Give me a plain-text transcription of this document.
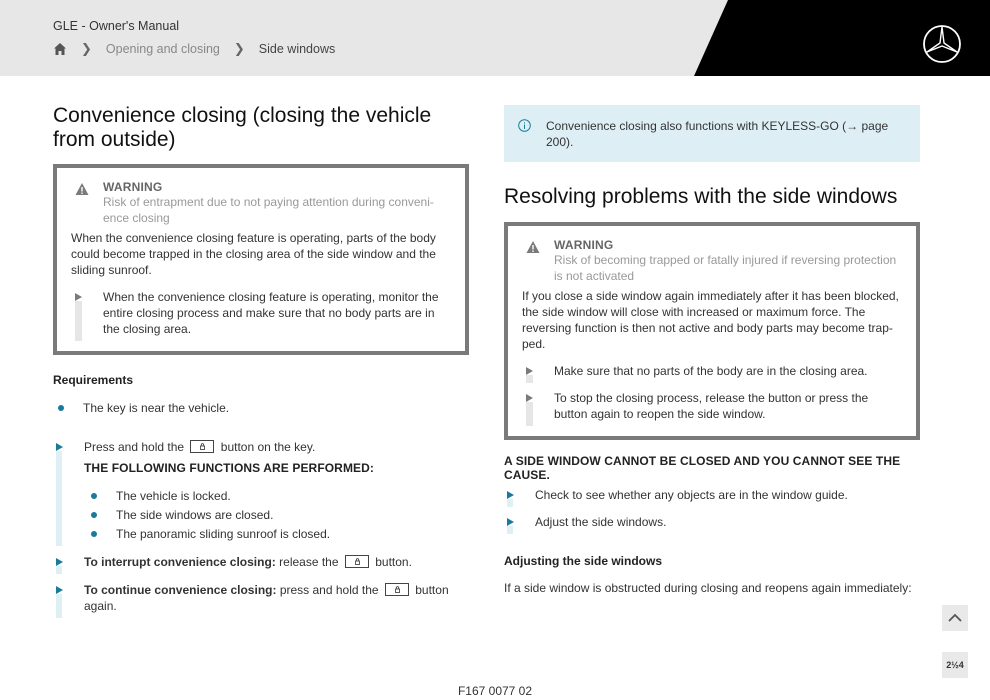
GLE - Owner's Manual
❯ Opening and closing ❯ Side windows
Convenience closing (closing the vehicle from outside)
WARNING
Risk of entrapment due to not paying attention during conveni-ence closing
When the convenience closing feature is operating, parts of the body could become trapped in the closing area of the side window and the sliding sunroof.
When the convenience closing feature is operating, monitor the entire closing process and make sure that no body parts are in the closing area.
Requirements
The key is near the vehicle.
Press and hold the	button on the key.
THE FOLLOWING FUNCTIONS ARE PERFORMED:
The vehicle is locked.
The side windows are closed.
The panoramic sliding sunroof is closed.
To interrupt convenience closing: release the	button.
To continue convenience closing: press and hold the	button again.
Convenience closing also functions with KEYLESS-GO (→ page 200).
Resolving problems with the side windows
WARNING
Risk of becoming trapped or fatally injured if reversing protection is not activated
If you close a side window again immediately after it has been blocked, the side window will close with increased or maximum force. The reversing function is then not active and body parts may become trap-ped.
Make sure that no parts of the body are in the closing area.
To stop the closing process, release the button or press the button again to reopen the side window.
A SIDE WINDOW CANNOT BE CLOSED AND YOU CANNOT SEE THE CAUSE.
Check to see whether any objects are in the window guide.
Adjust the side windows.
Adjusting the side windows
If a side window is obstructed during closing and reopens again immediately:
2½4
F167 0077 02
